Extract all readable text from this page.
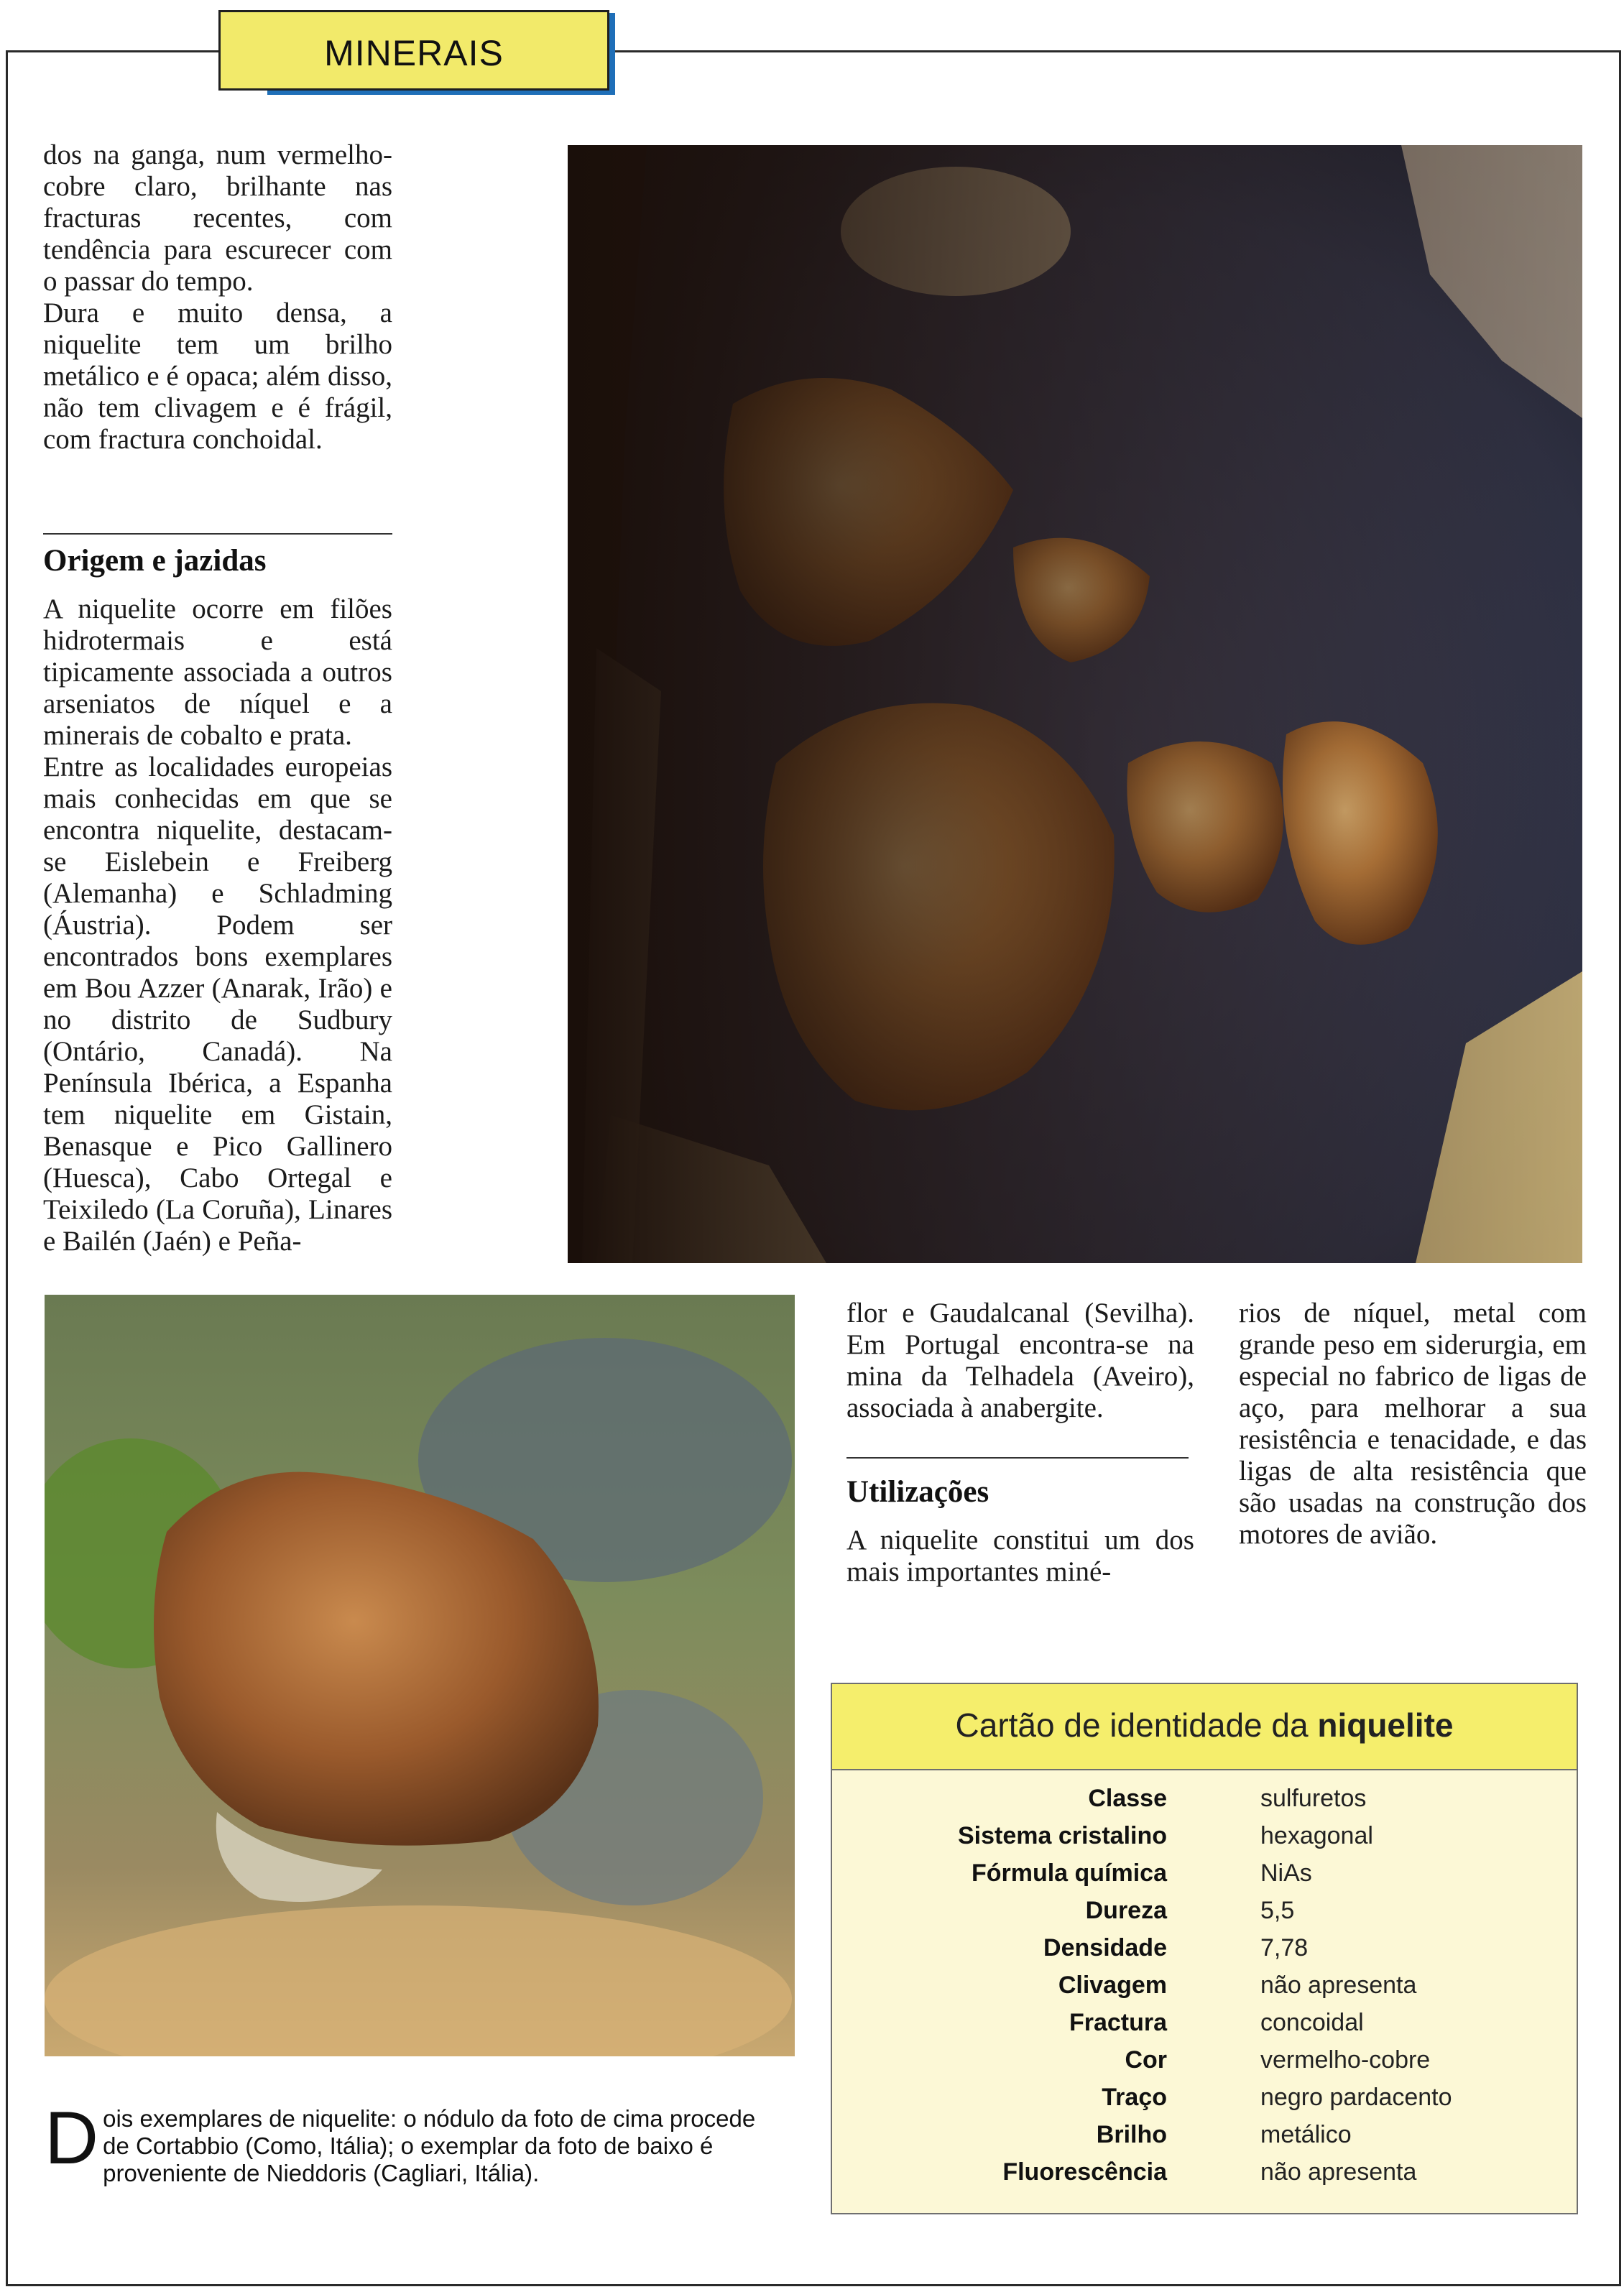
MINERAIS

dos na ganga, num vermelho-cobre claro, brilhante nas fracturas recentes, com tendência para escurecer com o passar do tempo.

Dura e muito densa, a niquelite tem um brilho metálico e é opaca; além disso, não tem clivagem e é frágil, com fractura conchoidal.

Origem e jazidas

A niquelite ocorre em filões hidrotermais e está tipicamente associada a outros arseniatos de níquel e a minerais de cobalto e prata.

Entre as localidades europeias mais conhecidas em que se encontra niquelite, destacam-se Eislebein e Freiberg (Alemanha) e Schladming (Áustria). Podem ser encontrados bons exemplares em Bou Azzer (Anarak, Irão) e no distrito de Sudbury (Ontário, Canadá). Na Península Ibérica, a Espanha tem niquelite em Gistain, Benasque e Pico Gallinero (Huesca), Cabo Ortegal e Teixiledo (La Coruña), Linares e Bailén (Jaén) e Peña-

flor e Gaudalcanal (Sevilha). Em Portugal encontra-se na mina da Telhadela (Aveiro), associada à anabergite.

Utilizações

A niquelite constitui um dos mais importantes miné-

rios de níquel, metal com grande peso em siderurgia, em especial no fabrico de ligas de aço, para melhorar a sua resistência e tenacidade, e das ligas de alta resistência que são usadas na construção dos motores de avião.

D ois exemplares de niquelite: o nódulo da foto de cima procede de Cortabbio (Como, Itália); o exemplar da foto de baixo é proveniente de Nieddoris (Cagliari, Itália).
Cartão de identidade da niquelite
Classe	sulfuretos
Sistema cristalino	hexagonal
Fórmula química	NiAs
Dureza	5,5
Densidade	7,78
Clivagem	não apresenta
Fractura	concoidal
Cor	vermelho-cobre
Traço	negro pardacento
Brilho	metálico
Fluorescência	não apresenta
